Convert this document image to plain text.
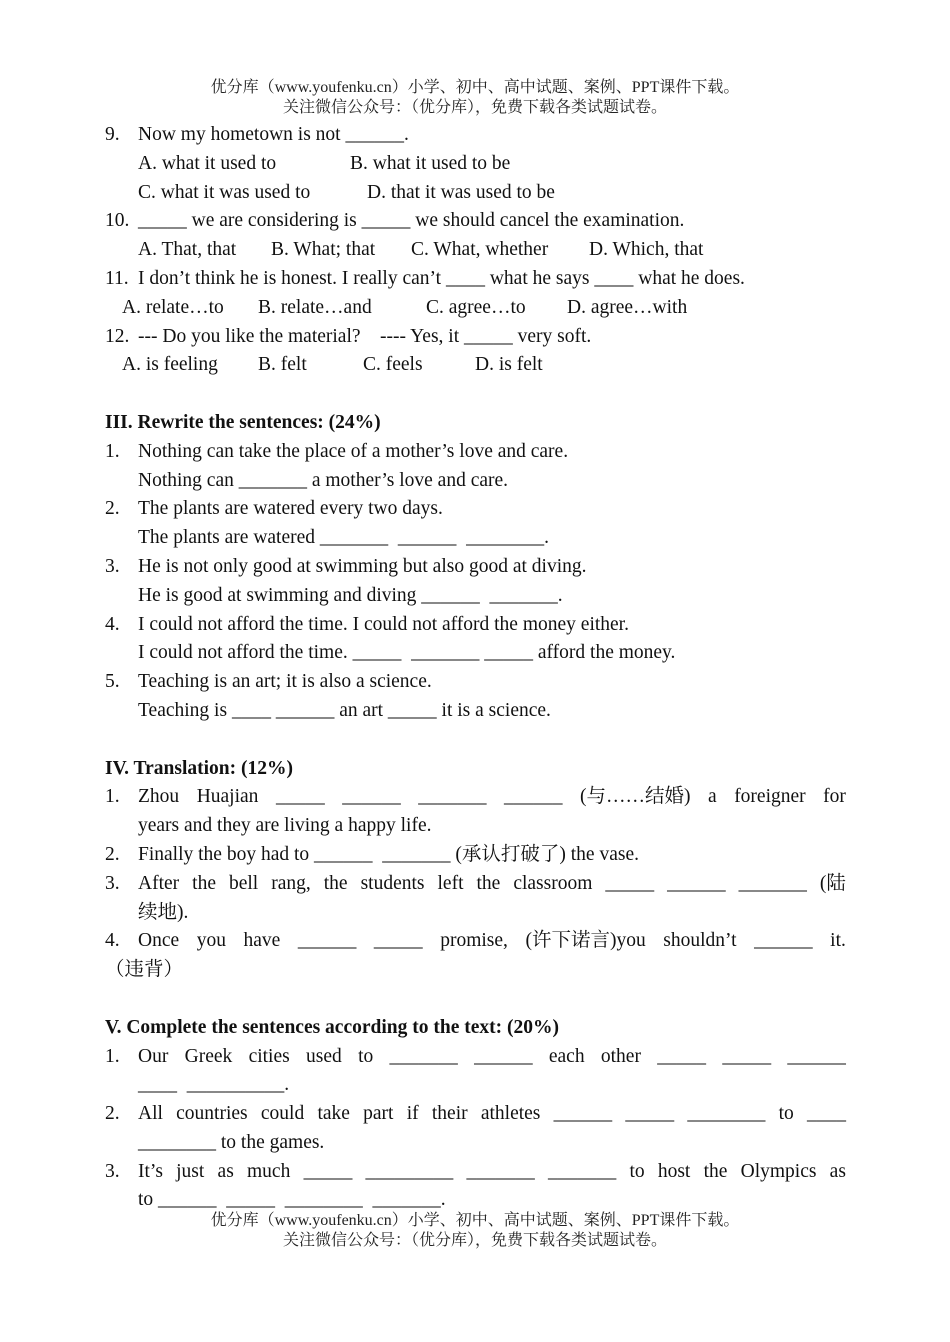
优分库（www.youfenku.cn）小学、初中、高中试题、案例、PPT课件下载。
关注微信公众号：（优分库），免费下载各类试题试卷。
9. Now my hometown is not ______.
A. what it used to	B. what it used to be
C. what it was used to	D. that it was used to be
10. _____ we are considering is _____ we should cancel the examination.
A. That, that B. What; that C. What, whether D. Which, that
11. I don’t think he is honest. I really can’t ____ what he says ____ what he does.
A. relate…to B. relate…and	C. agree…to D. agree…with
12. --- Do you like the material?    ---- Yes, it _____ very soft.
A. is feeling B. felt	C. feels	D. is felt
III. Rewrite the sentences: (24%)
1. Nothing can take the place of a mother’s love and care.
Nothing can _______ a mother’s love and care.
2. The plants are watered every two days.
The plants are watered _______  ______  ________.
3. He is not only good at swimming but also good at diving.
He is good at swimming and diving ______  _______.
4. I could not afford the time. I could not afford the money either.
I could not afford the time. _____  _______ _____ afford the money.
5. Teaching is an art; it is also a science.
Teaching is ____ ______ an art _____ it is a science.
IV. Translation: (12%)
1. Zhou Huajian _____ ______ _______ ______ (与……结婚) a foreigner for
years and they are living a happy life.
2. Finally the boy had to ______  _______ (承认打破了) the vase.
3. After the bell rang, the students left the classroom _____ ______ _______ (陆
续地).
4. Once you have ______ _____ promise, (许下诺言)you shouldn’t ______ it.
（违背）
V. Complete the sentences according to the text: (20%)
1. Our Greek cities used to _______ ______ each other _____ _____ ______
____  __________.
2. All countries could take part if their athletes ______ _____ ________ to ____
________ to the games.
3. It’s just as much _____ _________ _______ _______ to host the Olympics as
to ______  _____  ________  _______.
优分库（www.youfenku.cn）小学、初中、高中试题、案例、PPT课件下载。
关注微信公众号：（优分库），免费下载各类试题试卷。
